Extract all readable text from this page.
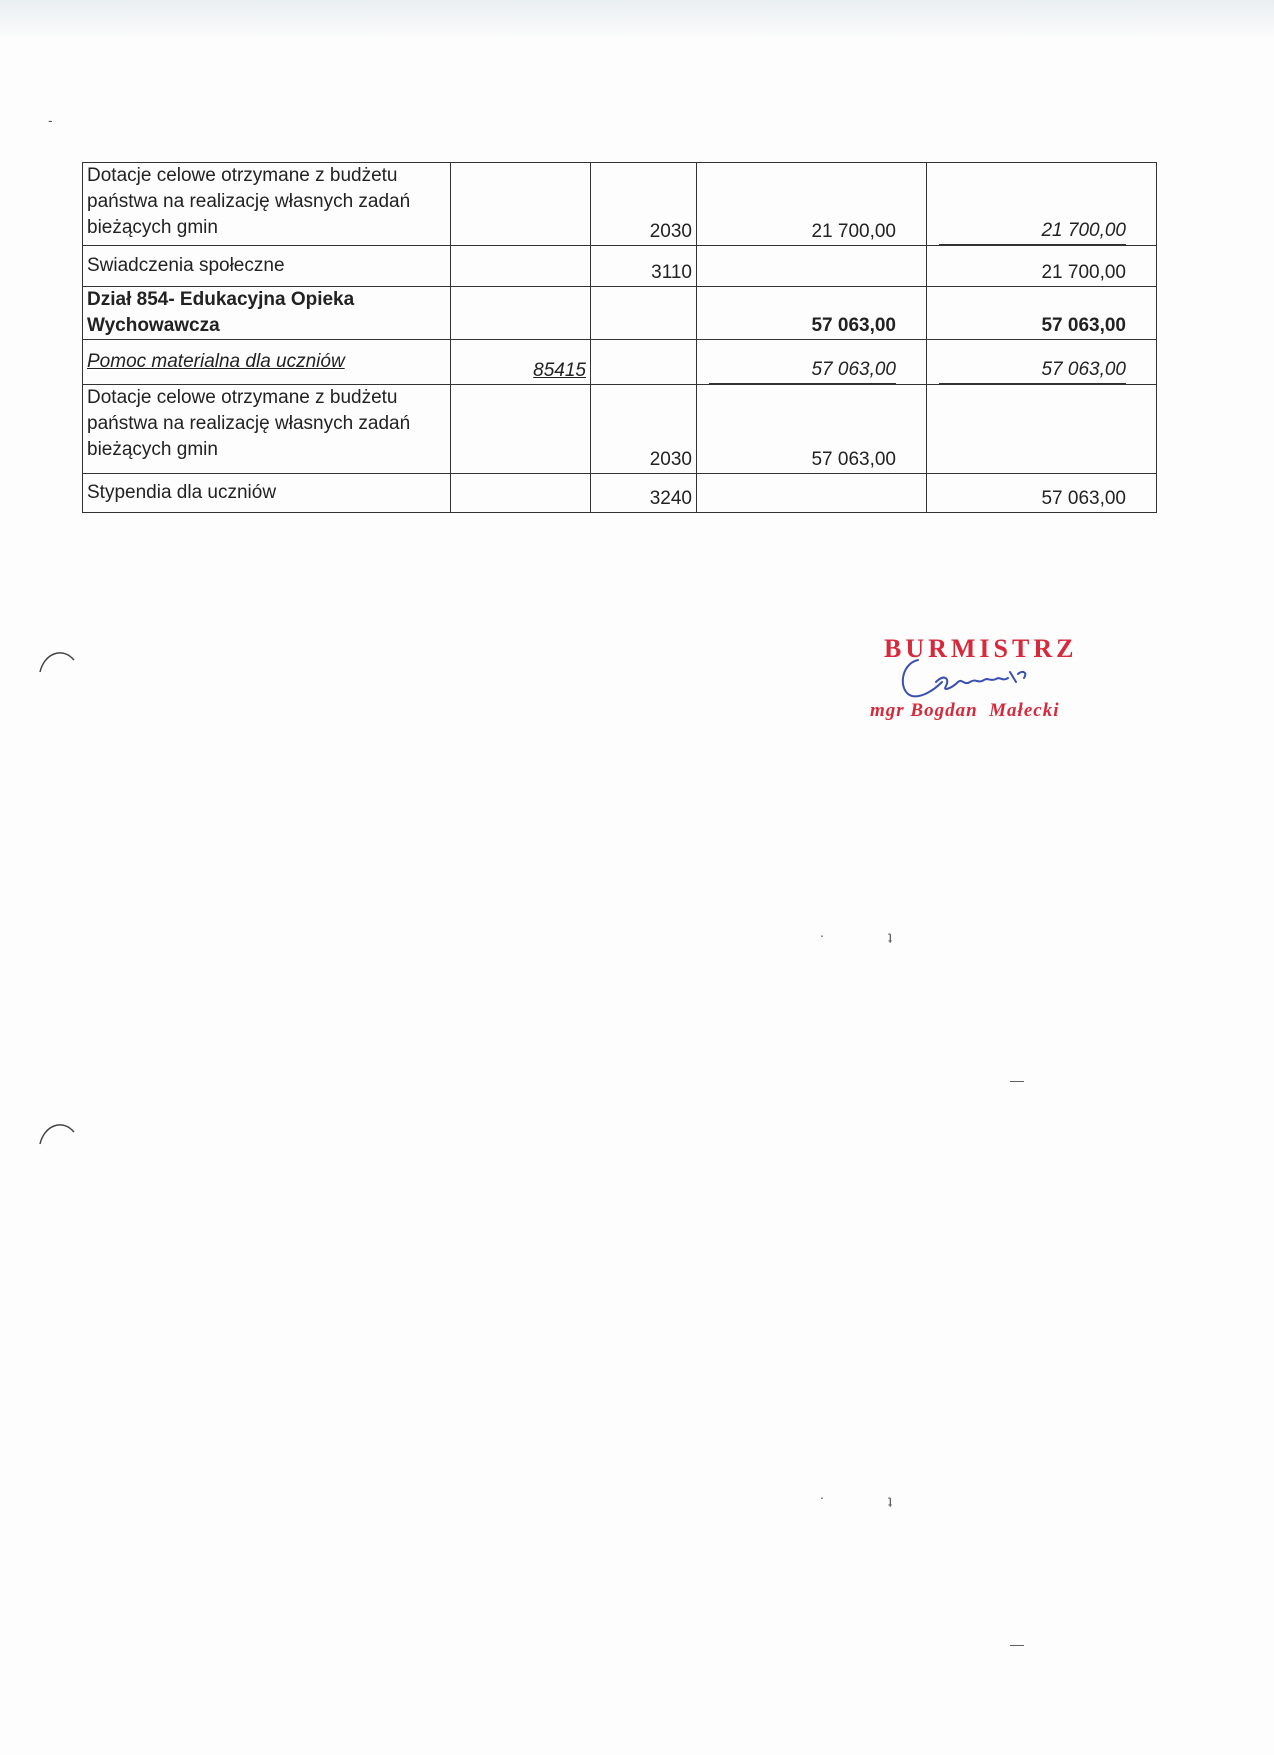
Dotacje celowe otrzymane z budżetu państwa na realizację własnych zadań bieżących gmin		2030	21 700,00	21 700,00

Swiadczenia społeczne		3110		21 700,00
Dział 854- Edukacyjna Opieka Wychowawcza			57 063,00	57 063,00
Pomoc materialna dla uczniów	85415		57 063,00	57 063,00

Dotacje celowe otrzymane z budżetu państwa na realizację własnych zadań bieżących gmin		2030	57 063,00	
Stypendia dla uczniów		3240		57 063,00
BURMISTRZ
mgr Bogdan  Małecki
-
.	ʇ
—
.	ʇ
—
